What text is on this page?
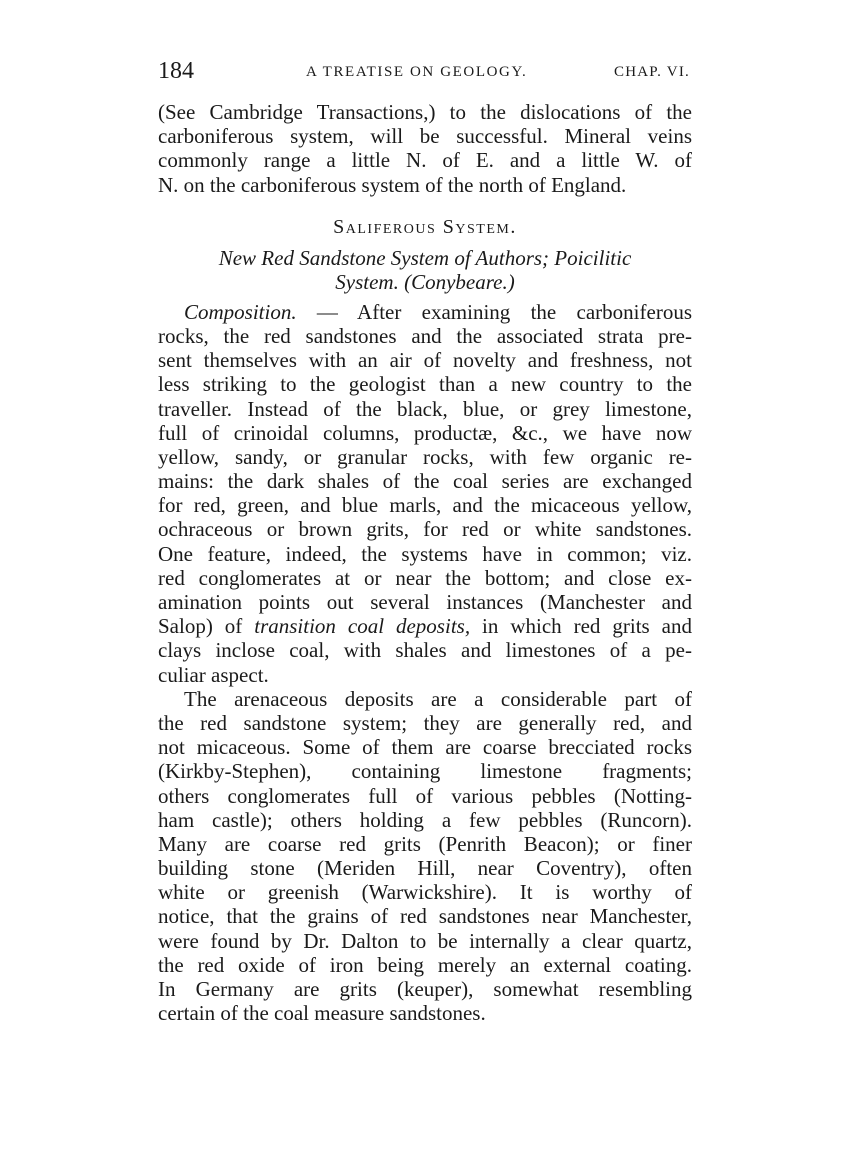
184	A TREATISE ON GEOLOGY.	CHAP. VI.
(See Cambridge Transactions,) to the dislocations of the
carboniferous system, will be successful. Mineral veins
commonly range a little N. of E. and a little W. of
N. on the carboniferous system of the north of England.
Saliferous System.
New Red Sandstone System of Authors; Poicilitic
System. (Conybeare.)
Composition. — After examining the carboniferous
rocks, the red sandstones and the associated strata pre-
sent themselves with an air of novelty and freshness, not
less striking to the geologist than a new country to the
traveller. Instead of the black, blue, or grey limestone,
full of crinoidal columns, productæ, &c., we have now
yellow, sandy, or granular rocks, with few organic re-
mains: the dark shales of the coal series are exchanged
for red, green, and blue marls, and the micaceous yellow,
ochraceous or brown grits, for red or white sandstones.
One feature, indeed, the systems have in common; viz.
red conglomerates at or near the bottom; and close ex-
amination points out several instances (Manchester and
Salop) of transition coal deposits, in which red grits and
clays inclose coal, with shales and limestones of a pe-
culiar aspect.
The arenaceous deposits are a considerable part of
the red sandstone system; they are generally red, and
not micaceous. Some of them are coarse brecciated rocks
(Kirkby-Stephen), containing limestone fragments;
others conglomerates full of various pebbles (Notting-
ham castle); others holding a few pebbles (Runcorn).
Many are coarse red grits (Penrith Beacon); or finer
building stone (Meriden Hill, near Coventry), often
white or greenish (Warwickshire). It is worthy of
notice, that the grains of red sandstones near Manchester,
were found by Dr. Dalton to be internally a clear quartz,
the red oxide of iron being merely an external coating.
In Germany are grits (keuper), somewhat resembling
certain of the coal measure sandstones.
